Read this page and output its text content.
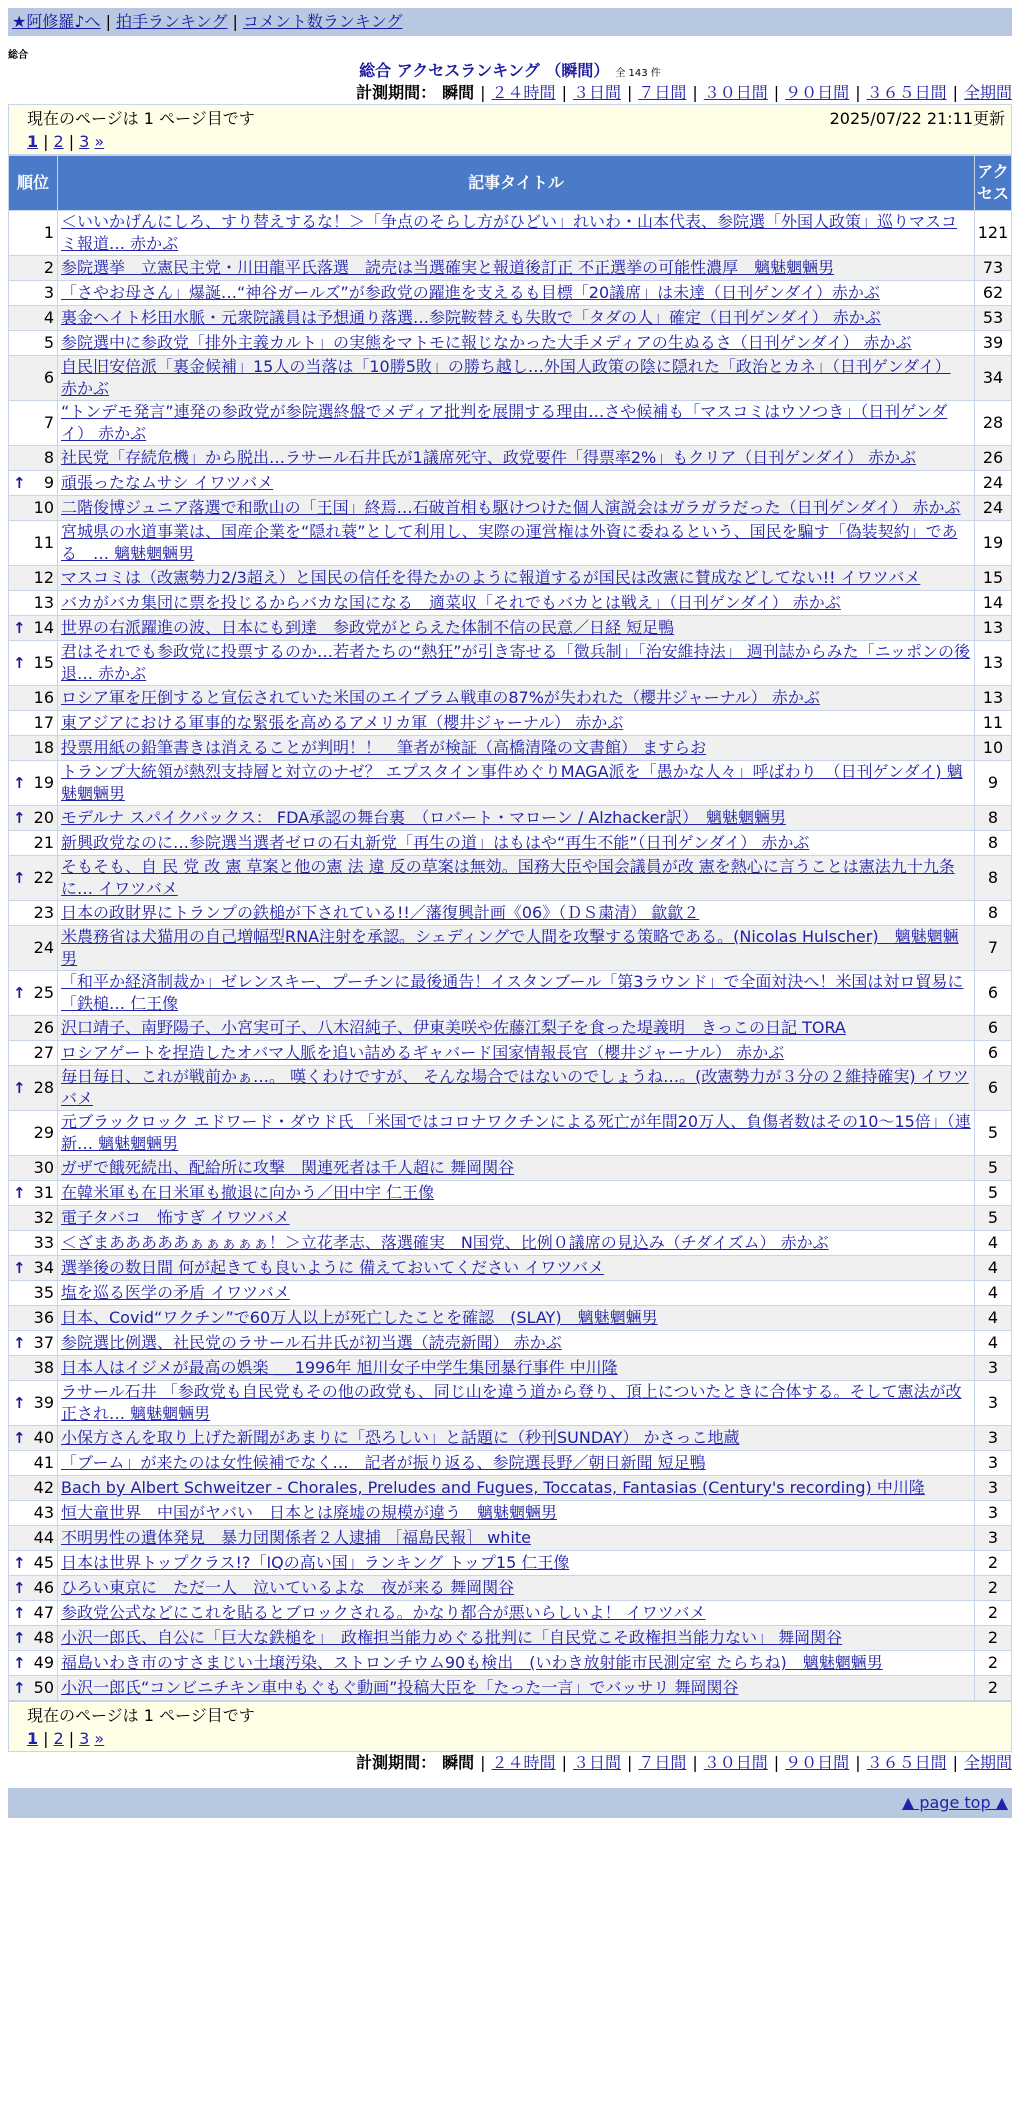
★阿修羅♪へ | 拍手ランキング | コメント数ランキング
総合
総合 アクセスランキング （瞬間） 全 143 件
計測期間： 瞬間 | ２４時間 | ３日間 | ７日間 | ３０日間 | ９０日間 | ３６５日間 | 全期間
現在のページは 1 ページ目です	2025/07/22 21:11更新
1 | 2 | 3 »
順位	記事タイトル	アクセス
1	＜いいかげんにしろ、すり替えするな！＞「争点のそらし方がひどい」れいわ・山本代表、参院選「外国人政策」巡りマスコミ報道… 赤かぶ	121
2	参院選挙　立憲民主党・川田龍平氏落選　読売は当選確実と報道後訂正 不正選挙の可能性濃厚　魑魅魍魎男	73
3	「さやお母さん」爆誕…“神谷ガールズ”が参政党の躍進を支えるも目標「20議席」は未達（日刊ゲンダイ）赤かぶ	62
4	裏金ヘイト杉田水脈・元衆院議員は予想通り落選…参院鞍替えも失敗で「タダの人」確定（日刊ゲンダイ） 赤かぶ	53
5	参院選中に参政党「排外主義カルト」の実態をマトモに報じなかった大手メディアの生ぬるさ（日刊ゲンダイ） 赤かぶ	39
6	自民旧安倍派「裏金候補」15人の当落は「10勝5敗」の勝ち越し…外国人政策の陰に隠れた「政治とカネ」（日刊ゲンダイ） 赤かぶ	34
7	“トンデモ発言”連発の参政党が参院選終盤でメディア批判を展開する理由…さや候補も「マスコミはウソつき」（日刊ゲンダイ） 赤かぶ	28
8	社民党「存続危機」から脱出…ラサール石井氏が1議席死守、政党要件「得票率2%」もクリア（日刊ゲンダイ） 赤かぶ	26

↑ 9	頑張ったなムサシ イワツバメ	24
10	二階俊博ジュニア落選で和歌山の「王国」終焉…石破首相も駆けつけた個人演説会はガラガラだった（日刊ゲンダイ） 赤かぶ	24
11	宮城県の水道事業は、国産企業を“隠れ蓑”として利用し、実際の運営権は外資に委ねるという、国民を騙す「偽装契約」である　… 魑魅魍魎男	19
12	マスコミは（改憲勢力2/3超え）と国民の信任を得たかのように報道するが国民は改憲に賛成などしてない!! イワツバメ	15
13	バカがバカ集団に票を投じるからバカな国になる　適菜収「それでもバカとは戦え」（日刊ゲンダイ） 赤かぶ	14

↑ 14	世界の右派躍進の波、日本にも到達　参政党がとらえた体制不信の民意／日経 短足鴨	13

↑ 15	君はそれでも参政党に投票するのか…若者たちの“熱狂”が引き寄せる「徴兵制」「治安維持法」 週刊誌からみた「ニッポンの後退… 赤かぶ	13
16	ロシア軍を圧倒すると宣伝されていた米国のエイブラム戦車の87%が失われた（櫻井ジャーナル） 赤かぶ	13
17	東アジアにおける軍事的な緊張を高めるアメリカ軍（櫻井ジャーナル） 赤かぶ	11
18	投票用紙の鉛筆書きは消えることが判明！！　筆者が検証（高橋清隆の文書館） ますらお	10

↑ 19	トランプ大統領が熱烈支持層と対立のナゼ？ エプスタイン事件めぐりMAGA派を「愚かな人々」呼ばわり　（日刊ゲンダイ) 魑魅魍魎男	9

↑ 20	モデルナ スパイクバックス： FDA承認の舞台裏　（ロバート・マローン / Alzhacker訳）　魑魅魍魎男	8
21	新興政党なのに…参院選当選者ゼロの石丸新党「再生の道」はもはや“再生不能”（日刊ゲンダイ） 赤かぶ	8

↑ 22	そもそも、自 民 党 改 憲 草案と他の憲 法 違 反の草案は無効。国務大臣や国会議員が改 憲を熱心に言うことは憲法九十九条に… イワツバメ	8
23	日本の政財界にトランプの鉄槌が下されている!!／藩復興計画《06》（ＤＳ粛清） 歙歙２	8
24	米農務省は犬猫用の自己増幅型RNA注射を承認。シェディングで人間を攻撃する策略である。(Nicolas Hulscher)　魑魅魍魎男	7

↑ 25	「和平か経済制裁か」ゼレンスキー、プーチンに最後通告！イスタンブール「第3ラウンド」で全面対決へ！米国は対ロ貿易に「鉄槌… 仁王像	6
26	沢口靖子、南野陽子、小宮実可子、八木沼純子、伊東美咲や佐藤江梨子を食った堤義明　きっこの日記 TORA	6
27	ロシアゲートを捏造したオバマ人脈を追い詰めるギャバード国家情報長官（櫻井ジャーナル） 赤かぶ	6

↑ 28	毎日毎日、これが戦前かぁ…。 嘆くわけですが、 そんな場合ではないのでしょうね…。(改憲勢力が３分の２維持確実) イワツバメ	6
29	元ブラックロック エドワード・ダウド氏 「米国ではコロナワクチンによる死亡が年間20万人、負傷者数はその10〜15倍」（連新… 魑魅魍魎男	5
30	ガザで餓死続出、配給所に攻撃　関連死者は千人超に 舞岡関谷	5

↑ 31	在韓米軍も在日米軍も撤退に向かう／田中宇 仁王像	5
32	電子タバコ　怖すぎ イワツバメ	5
33	＜ざまあああああぁぁぁぁぁ！＞立花孝志、落選確実　N国党、比例０議席の見込み（チダイズム） 赤かぶ	4

↑ 34	選挙後の数日間 何が起きても良いように 備えておいてください イワツバメ	4
35	塩を巡る医学の矛盾 イワツバメ	4
36	日本、Covid“ワクチン”で60万人以上が死亡したことを確認　(SLAY)　魑魅魍魎男	4

↑ 37	参院選比例選、社民党のラサール石井氏が初当選（読売新聞） 赤かぶ	4
38	日本人はイジメが最高の娯楽 ＿ 1996年 旭川女子中学生集団暴行事件 中川隆	3

↑ 39	ラサール石井 「参政党も自民党もその他の政党も、同じ山を違う道から登り、頂上についたときに合体する。そして憲法が改正され… 魑魅魍魎男	3

↑ 40	小保方さんを取り上げた新聞があまりに「恐ろしい」と話題に（秒刊SUNDAY） かさっこ地蔵	3
41	「ブーム」が来たのは女性候補でなく…　記者が振り返る、参院選長野／朝日新聞 短足鴨	3
42	Bach by Albert Schweitzer - Chorales, Preludes and Fugues, Toccatas, Fantasias (Century's recording) 中川隆	3
43	恒大童世界　中国がヤバい　日本とは廃墟の規模が違う　魑魅魍魎男	3
44	不明男性の遺体発見　暴力団関係者２人逮捕 ［福島民報］ white	3

↑ 45	日本は世界トップクラス!?「IQの高い国」ランキング トップ15 仁王像	2

↑ 46	ひろい東京に　ただ一人　泣いているよな　夜が来る 舞岡関谷	2

↑ 47	参政党公式などにこれを貼るとブロックされる。かなり都合が悪いらしいよ！ イワツバメ	2

↑ 48	小沢一郎氏、自公に「巨大な鉄槌を」　政権担当能力めぐる批判に「自民党こそ政権担当能力ない」 舞岡関谷	2

↑ 49	福島いわき市のすさまじい土壌汚染、ストロンチウム90も検出　(いわき放射能市民測定室 たらちね)　魑魅魍魎男	2

↑ 50	小沢一郎氏“コンビニチキン車中もぐもぐ動画”投稿大臣を「たった一言」でバッサリ 舞岡関谷	2
現在のページは 1 ページ目です
1 | 2 | 3 »
計測期間： 瞬間 | ２４時間 | ３日間 | ７日間 | ３０日間 | ９０日間 | ３６５日間 | 全期間
▲ page top ▲
